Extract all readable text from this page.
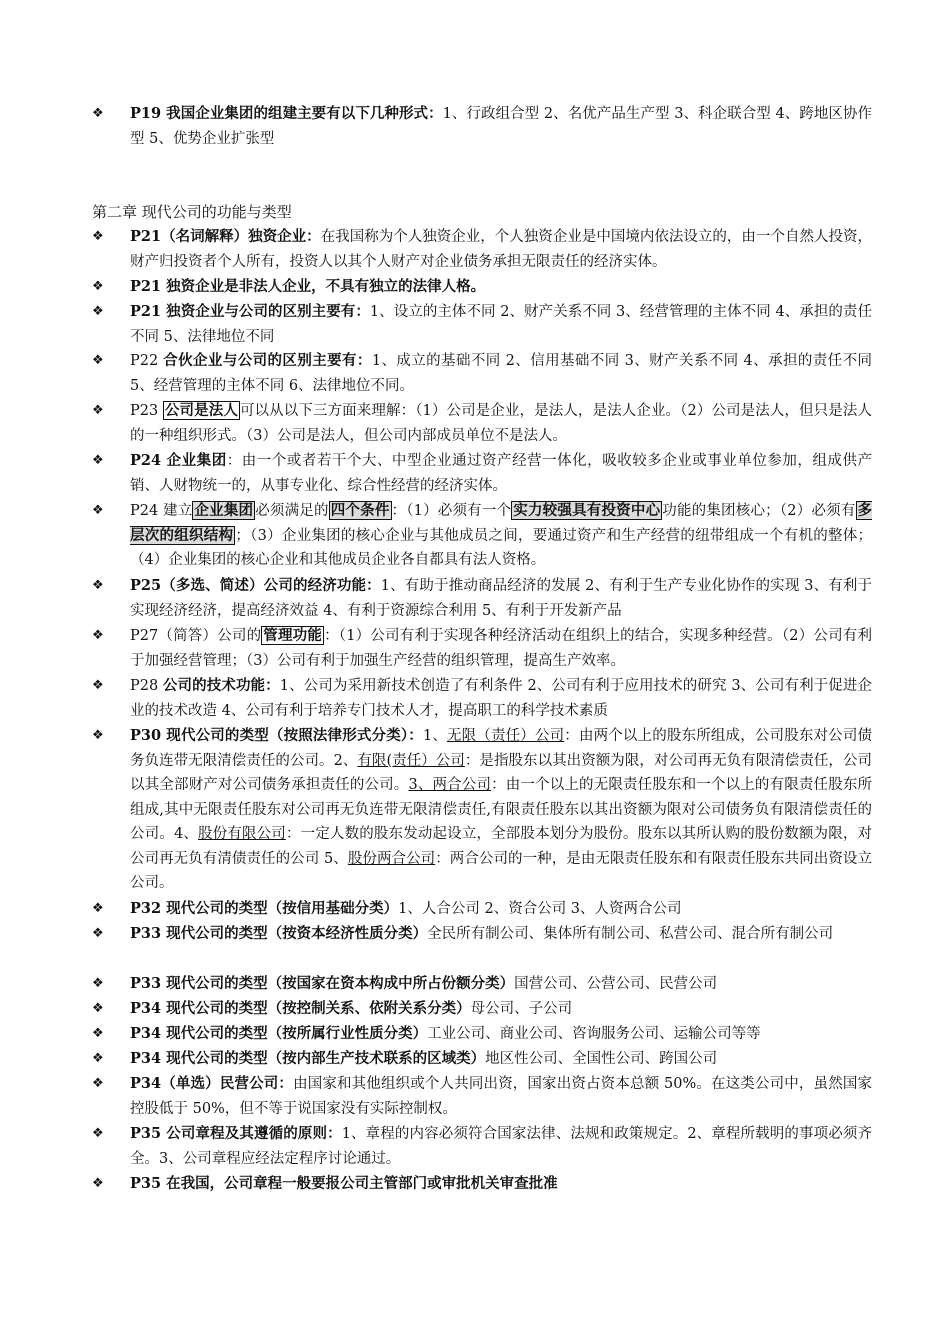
❖	P19 我国企业集团的组建主要有以下几种形式：1、行政组合型 2、名优产品生产型 3、科企联合型 4、跨地区协作型 5、优势企业扩张型
第二章 现代公司的功能与类型
❖	P21（名词解释）独资企业：在我国称为个人独资企业，个人独资企业是中国境内依法设立的，由一个自然人投资，财产归投资者个人所有，投资人以其个人财产对企业债务承担无限责任的经济实体。
❖	P21 独资企业是非法人企业，不具有独立的法律人格。
❖	P21 独资企业与公司的区别主要有：1、设立的主体不同 2、财产关系不同 3、经营管理的主体不同 4、承担的责任不同 5、法律地位不同
❖	P22 合伙企业与公司的区别主要有：1、成立的基础不同 2、信用基础不同 3、财产关系不同 4、承担的责任不同 5、经营管理的主体不同 6、法律地位不同。
❖	P23 公司是法人 可以从以下三方面来理解：（1）公司是企业，是法人，是法人企业。（2）公司是法人，但只是法人的一种组织形式。（3）公司是法人，但公司内部成员单位不是法人。
❖	P24 企业集团：由一个或者若干个大、中型企业通过资产经营一体化，吸收较多企业或事业单位参加，组成供产销、人财物统一的，从事专业化、综合性经营的经济实体。
❖	P24 建立 企业集团 必须满足的 四个条件 ：（1）必须有一个 实力较强具有投资中心 功能的集团核心；（2）必须有 多层次的组织结构 ；（3）企业集团的核心企业与其他成员之间，要通过资产和生产经营的纽带组成一个有机的整体；（4）企业集团的核心企业和其他成员企业各自都具有法人资格。
❖	P25（多选、简述）公司的经济功能：1、有助于推动商品经济的发展 2、有利于生产专业化协作的实现 3、有利于实现经济经济，提高经济效益 4、有利于资源综合利用 5、有利于开发新产品
❖	P27（简答）公司的 管理功能 ：（1）公司有利于实现各种经济活动在组织上的结合，实现多种经营。（2）公司有利于加强经营管理；（3）公司有利于加强生产经营的组织管理，提高生产效率。
❖	P28 公司的技术功能：1、公司为采用新技术创造了有利条件 2、公司有利于应用技术的研究 3、公司有利于促进企业的技术改造 4、公司有利于培养专门技术人才，提高职工的科学技术素质
❖	P30 现代公司的类型（按照法律形式分类）：1、无限（责任）公司：由两个以上的股东所组成，公司股东对公司债务负连带无限清偿责任的公司。2、有限(责任）公司：是指股东以其出资额为限，对公司再无负有限清偿责任，公司以其全部财产对公司债务承担责任的公司。3、两合公司：由一个以上的无限责任股东和一个以上的有限责任股东所组成,其中无限责任股东对公司再无负连带无限清偿责任,有限责任股东以其出资额为限对公司债务负有限清偿责任的公司。4、股份有限公司：一定人数的股东发动起设立，全部股本划分为股份。股东以其所认购的股份数额为限，对公司再无负有清债责任的公司 5、股份两合公司：两合公司的一种，是由无限责任股东和有限责任股东共同出资设立公司。
❖	P32 现代公司的类型（按信用基础分类）1、人合公司 2、资合公司 3、人资两合公司
❖	P33 现代公司的类型（按资本经济性质分类）全民所有制公司、集体所有制公司、私营公司、混合所有制公司
❖	P33 现代公司的类型（按国家在资本构成中所占份额分类）国营公司、公营公司、民营公司
❖	P34 现代公司的类型（按控制关系、依附关系分类）母公司、子公司
❖	P34 现代公司的类型（按所属行业性质分类）工业公司、商业公司、咨询服务公司、运输公司等等
❖	P34 现代公司的类型（按内部生产技术联系的区域类）地区性公司、全国性公司、跨国公司
❖	P34（单选）民营公司：由国家和其他组织或个人共同出资，国家出资占资本总额 50%。在这类公司中，虽然国家控股低于 50%，但不等于说国家没有实际控制权。
❖	P35 公司章程及其遵循的原则：1、章程的内容必须符合国家法律、法规和政策规定。2、章程所载明的事项必须齐全。3、公司章程应经法定程序讨论通过。
❖	P35 在我国，公司章程一般要报公司主管部门或审批机关审查批准
